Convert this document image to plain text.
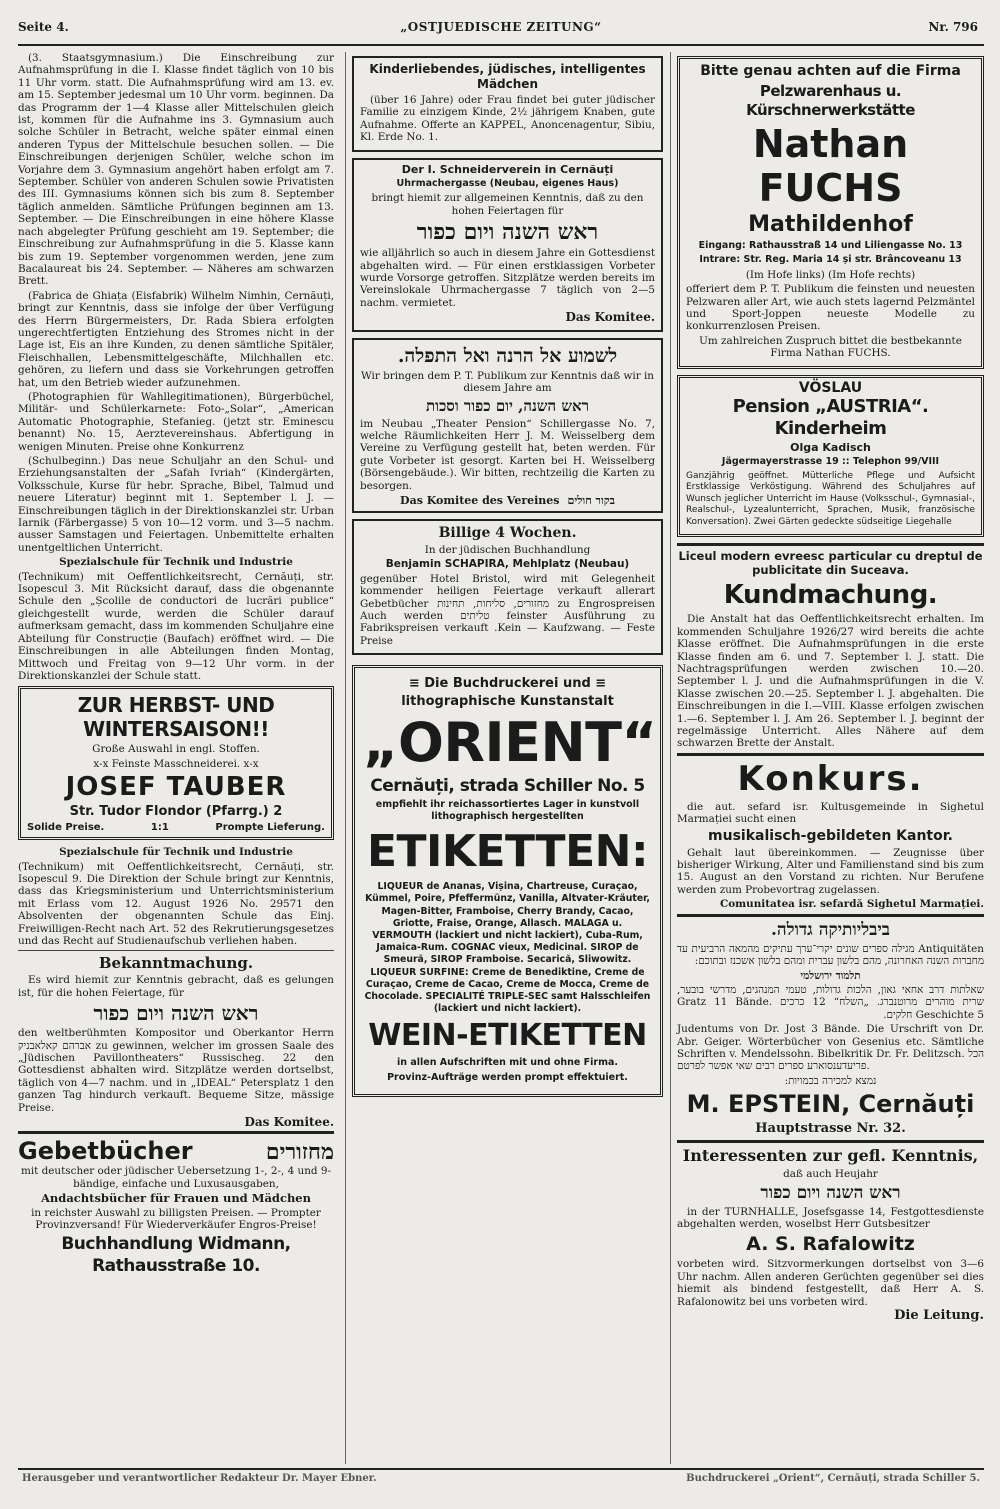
Seite 4.	„OSTJUEDISCHE ZEITUNG“	Nr. 796

(3. Staatsgymnasium.) Die Einschreibung zur Aufnahmsprüfung in die I. Klasse findet täglich von 10 bis 11 Uhr vorm. statt. Die Aufnahmsprüfung wird am 13. ev. am 15. September jedesmal um 10 Uhr vorm. beginnen. Da das Programm der 1—4 Klasse aller Mittelschulen gleich ist, kommen für die Aufnahme ins 3. Gymnasium auch solche Schüler in Betracht, welche später einmal einen anderen Typus der Mittelschule besuchen sollen. — Die Einschreibungen derjenigen Schüler, welche schon im Vorjahre dem 3. Gymnasium angehört haben erfolgt am 7. September. Schüler von anderen Schulen sowie Privatisten des III. Gymnasiums können sich bis zum 8. September täglich anmelden. Sämtliche Prüfungen beginnen am 13. September. — Die Einschreibungen in eine höhere Klasse nach abgelegter Prüfung geschieht am 19. September; die Einschreibung zur Aufnahmsprüfung in die 5. Klasse kann bis zum 19. September vorgenommen werden, jene zum Bacalaureat bis 24. September. — Näheres am schwarzen Brett.

(Fabrica de Ghiața (Eisfabrik) Wilhelm Nimhin, Cernăuți, bringt zur Kenntnis, dass sie infolge der über Verfügung des Herrn Bürgermeisters, Dr. Rada Sbiera erfolgten ungerechtfertigten Entziehung des Stromes nicht in der Lage ist, Eis an ihre Kunden, zu denen sämtliche Spitäler, Fleischhallen, Lebensmittelgeschäfte, Milchhallen etc. gehören, zu liefern und dass sie Vorkehrungen getroffen hat, um den Betrieb wieder aufzunehmen.

(Photographien für Wahllegitimationen), Bürgerbüchel, Militär- und Schülerkarnete: Foto-„Solar“, „American Automatic Photographie, Stefanieg. (jetzt str. Eminescu benannt) No. 15, Aerztevereinshaus. Abfertigung in wenigen Minuten. Preise ohne Konkurrenz

(Schulbeginn.) Das neue Schuljahr an den Schul- und Erziehungsanstalten der „Safah Ivriah“ (Kindergärten, Volksschule, Kurse für hebr. Sprache, Bibel, Talmud und neuere Literatur) beginnt mit 1. September l. J. — Einschreibungen täglich in der Direktionskanzlei str. Urban Iarnik (Färbergasse) 5 von 10—12 vorm. und 3—5 nachm. ausser Samstagen und Feiertagen. Unbemittelte erhalten unentgeltlichen Unterricht.

Spezialschule für Technik und Industrie

(Technikum) mit Oeffentlichkeitsrecht, Cernăuți, str. Isopescul 3. Mit Rücksicht darauf, dass die obgenannte Schule den „Școlile de conductori de lucrări publice“ gleichgestellt wurde, werden die Schüler darauf aufmerksam gemacht, dass im kommenden Schuljahre eine Abteilung für Construcție (Baufach) eröffnet wird. — Die Einschreibungen in alle Abteilungen finden Montag, Mittwoch und Freitag von 9—12 Uhr vorm. in der Direktionskanzlei der Schule statt.

ZUR HERBST- UND WINTERSAISON!!

Große Auswahl in engl. Stoffen.

x-x Feinste Masschneiderei. x-x

JOSEF TAUBER

Str. Tudor Flondor (Pfarrg.) 2

Solide Preise.	1:1	Prompte Lieferung.

Spezialschule für Technik und Industrie

(Technikum) mit Oeffentlichkeitsrecht, Cernăuți, str. Isopescul 9. Die Direktion der Schule bringt zur Kenntnis, dass das Kriegsministerium und Unterrichtsministerium mit Erlass vom 12. August 1926 No. 29571 den Absolventen der obgenannten Schule das Einj. Freiwilligen-Recht nach Art. 52 des Rekrutierungsgesetzes und das Recht auf Studienaufschub verliehen haben.

Bekanntmachung.

Es wird hiemit zur Kenntnis gebracht, daß es gelungen ist, für die hohen Feiertage, für

ראש השנה ויום כפור

den weltberühmten Kompositor und Oberkantor Herrn אברהם קאלאבניק zu gewinnen, welcher im grossen Saale des „Jüdischen Pavillontheaters“ Russischeg. 22 den Gottesdienst abhalten wird. Sitzplätze werden dortselbst, täglich von 4—7 nachm. und in „IDEAL“ Petersplatz 1 den ganzen Tag hindurch verkauft. Bequeme Sitze, mässige Preise.

Das Komitee.

Gebetbücher	מחזורים

mit deutscher oder jüdischer Uebersetzung 1-, 2-, 4 und 9- bändige, einfache und Luxusausgaben,

Andachtsbücher für Frauen und Mädchen

in reichster Auswahl zu billigsten Preisen. — Prompter Provinzversand! Für Wiederverkäufer Engros-Preise!

Buchhandlung Widmann, Rathausstraße 10.

Kinderliebendes, jüdisches, intelligentes Mädchen

(über 16 Jahre) oder Frau findet bei guter jüdischer Familie zu einzigem Kinde, 2½ jährigem Knaben, gute Aufnahme. Offerte an KAPPEL, Anoncenagentur, Sibiu, Kl. Erde No. 1.

Der I. Schneiderverein in Cernăuți

Uhrmachergasse (Neubau, eigenes Haus)

bringt hiemit zur allgemeinen Kenntnis, daß zu den hohen Feiertagen für

ראש השנה ויום כפור

wie alljährlich so auch in diesem Jahre ein Gottesdienst abgehalten wird. — Für einen erstklassigen Vorbeter wurde Vorsorge getroffen. Sitzplätze werden bereits im Vereinslokale Uhrmachergasse 7 täglich von 2—5 nachm. vermietet.

Das Komitee.

לשמוע אל הרנה ואל התפלה.

Wir bringen dem P. T. Publikum zur Kenntnis daß wir in diesem Jahre am

ראש השנה, יום כפור וסכות

im Neubau „Theater Pension“ Schillergasse No. 7, welche Räumlichkeiten Herr J. M. Weisselberg dem Vereine zu Verfügung gestellt hat, beten werden. Für gute Vorbeter ist gesorgt. Karten bei H. Weisselberg (Börsengebäude.). Wir bitten, rechtzeilig die Karten zu besorgen.

Das Komitee des Vereines בקור חולים

Billige 4 Wochen.

In der jüdischen Buchhandlung

Benjamin SCHAPIRA, Mehlplatz (Neubau)

gegenüber Hotel Bristol, wird mit Gelegenheit kommender heiligen Feiertage verkauft allerart Gebetbücher מחזורים, סליחות, תחינות zu Engrospreisen Auch werden טליתים feinster Ausführung zu Fabrikspreisen verkauft .Kein — Kaufzwang. — Feste Preise

≡ Die Buchdruckerei und ≡

lithographische Kunstanstalt

„ORIENT“

Cernăuți, strada Schiller No. 5

empfiehlt ihr reichassortiertes Lager in kunstvoll lithographisch hergestellten

ETIKETTEN:

LIQUEUR de Ananas, Vișina, Chartreuse, Curaçao, Kümmel, Poire, Pfeffermünz, Vanilla, Altvater-Kräuter, Magen-Bitter, Framboise, Cherry Brandy, Cacao, Griotte, Fraise, Orange, Allasch. MALAGA u. VERMOUTH (lackiert und nicht lackiert), Cuba-Rum, Jamaica-Rum. COGNAC vieux, Medicinal. SIROP de Smeură, SIROP Framboise. Secarică, Sliwowitz. LIQUEUR SURFINE: Creme de Benediktine, Creme de Curaçao, Creme de Cacao, Creme de Mocca, Creme de Chocolade. SPECIALITÉ TRIPLE-SEC samt Halsschleifen (lackiert und nicht lackiert).

WEIN-ETIKETTEN

in allen Aufschriften mit und ohne Firma.

Provinz-Aufträge werden prompt effektuiert.

Bitte genau achten auf die Firma

Pelzwarenhaus u. Kürschnerwerkstätte

Nathan FUCHS

Mathildenhof

Eingang: Rathausstraß 14 und Liliengasse No. 13

Intrare: Str. Reg. Maria 14 și str. Brâncoveanu 13

(Im Hofe links) (Im Hofe rechts)

offeriert dem P. T. Publikum die feinsten und neuesten Pelzwaren aller Art, wie auch stets lagernd Pelzmäntel und Sport-Joppen neueste Modelle zu konkurrenzlosen Preisen.

Um zahlreichen Zuspruch bittet die bestbekannte Firma Nathan FUCHS.

VÖSLAU

Pension „AUSTRIA“. Kinderheim

Olga Kadisch

Jägermayerstrasse 19 :: Telephon 99/VIII

Ganzjährig geöffnet. Mütterliche Pflege und Aufsicht Erstklassige Verköstigung. Während des Schuljahres auf Wunsch jeglicher Unterricht im Hause (Volksschul-, Gymnasial-, Realschul-, Lyzealunterricht, Sprachen, Musik, französische Konversation). Zwei Gärten gedeckte südseitige Liegehalle

Liceul modern evreesc particular cu dreptul de publicitate din Suceava.

Kundmachung.

Die Anstalt hat das Oeffentlichkeitsrecht erhalten. Im kommenden Schuljahre 1926/27 wird bereits die achte Klasse eröffnet. Die Aufnahmsprüfungen in die erste Klasse finden am 6. und 7. September l. J. statt. Die Nachtragsprüfungen werden zwischen 10.—20. September l. J. und die Aufnahmsprüfungen in die V. Klasse zwischen 20.—25. September l. J. abgehalten. Die Einschreibungen in die I.—VIII. Klasse erfolgen zwischen 1.—6. September l. J. Am 26. September l. J. beginnt der regelmässige Unterricht. Alles Nähere auf dem schwarzen Brette der Anstalt.

Konkurs.

die aut. sefard isr. Kultusgemeinde in Sighetul Marmației sucht einen

musikalisch-gebildeten Kantor.

Gehalt laut übereinkommen. — Zeugnisse über bisheriger Wirkung, Alter und Familienstand sind bis zum 15. August an den Vorstand zu richten. Nur Berufene werden zum Probevortrag zugelassen.

Comunitatea isr. sefardă Sighetul Marmației.

ביבליותיקה גדולה.

Antiquitäten מגילה ספרים שונים יקרי־ערך עתיקים מהמאה הרביעית עד מחברות השנה האחרונה, מהם בלשון עברית ומהם בלשון אשכנז ובתוכם:

תלמוד ירושלמי

שאלתות דרב אחאי גאון, הלכות גדולות, טעמי המנהגים, מדרשי בובער, שרית מוהרים מרוטנברג. „השלח“ 12 כרכים Gratz 11 Bände. Geschichte 5 חלקים.

Judentums von Dr. Jost 3 Bände. Die Urschrift von Dr. Abr. Geiger. Wörterbücher von Gesenius etc. Sämtliche Schriften v. Mendelssohn. Bibelkritik Dr. Fr. Delitzsch. הכל פריעדענסוארע ספרים רבים שאי אפשר לפרטם.

נמצא למכירה בכמויות:

M. EPSTEIN, Cernăuți

Hauptstrasse Nr. 32.

Interessenten zur gefl. Kenntnis,

daß auch Heujahr

ראש השנה ויום כפור

in der TURNHALLE, Josefsgasse 14, Festgottesdienste abgehalten werden, woselbst Herr Gutsbesitzer

A. S. Rafalowitz

vorbeten wird. Sitzvormerkungen dortselbst von 3—6 Uhr nachm. Allen anderen Gerüchten gegenüber sei dies hiemit als bindend festgestellt, daß Herr A. S. Rafalonowitz bei uns vorbeten wird.

Die Leitung.

Herausgeber und verantwortlicher Redakteur Dr. Mayer Ebner.	Buchdruckerei „Orient“, Cernăuți, strada Schiller 5.
